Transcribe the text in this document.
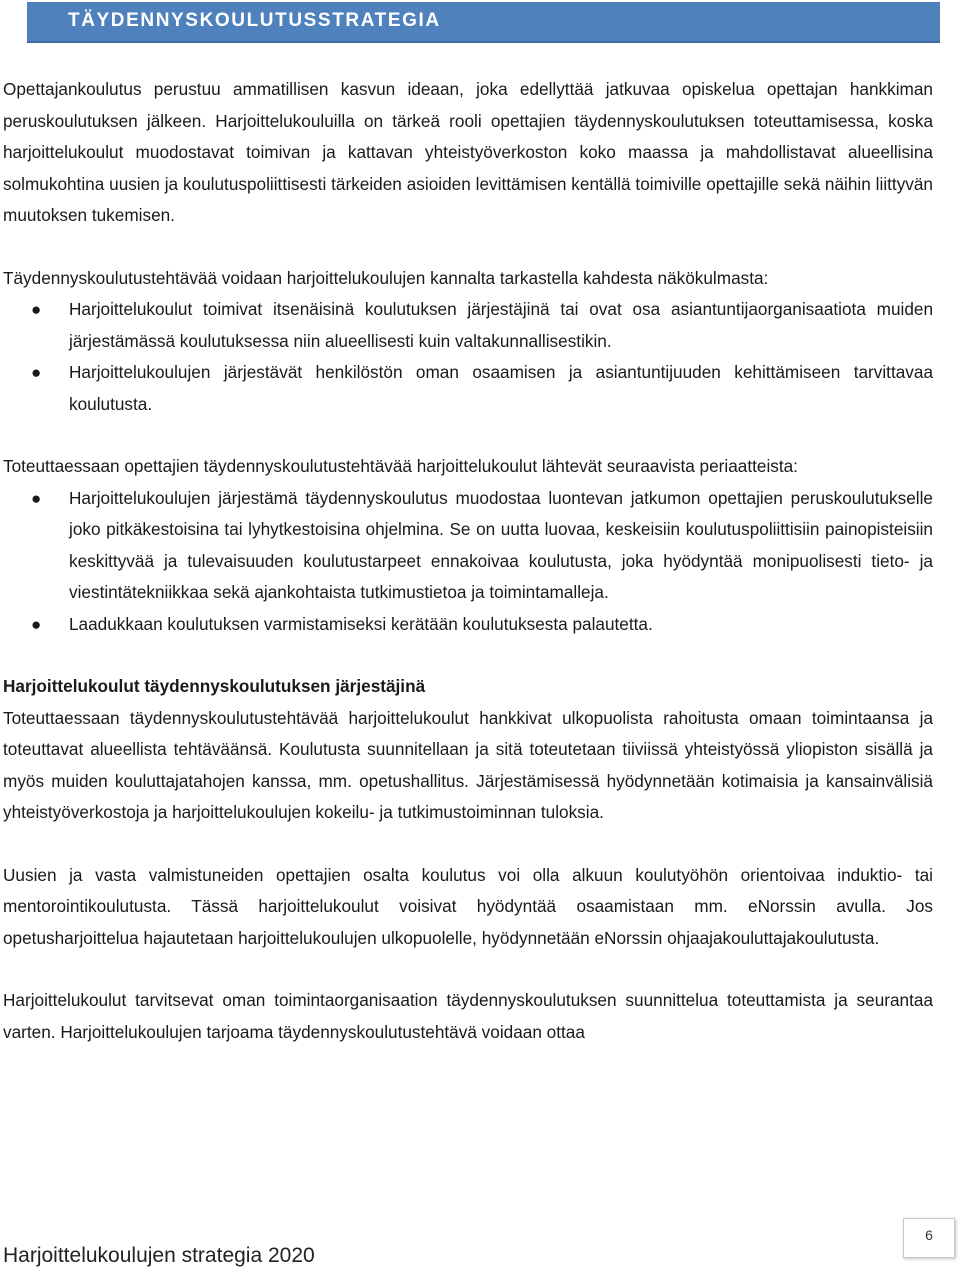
TÄYDENNYSKOULUTUSSTRATEGIA

Opettajankoulutus perustuu ammatillisen kasvun ideaan, joka edellyttää jatkuvaa opiskelua opettajan hankkiman peruskoulutuksen jälkeen. Harjoittelukouluilla on tärkeä rooli opettajien täydennyskoulutuksen toteuttamisessa, koska harjoittelukoulut muodostavat toimivan ja kattavan yhteistyöverkoston koko maassa ja mahdollistavat alueellisina solmukohtina uusien ja koulutuspoliittisesti tärkeiden asioiden levittämisen kentällä toimiville opettajille sekä näihin liittyvän muutoksen tukemisen.

Täydennyskoulutustehtävää voidaan harjoittelukoulujen kannalta tarkastella kahdesta näkökulmasta:

● Harjoittelukoulut toimivat itsenäisinä koulutuksen järjestäjinä tai ovat osa asiantuntijaorganisaatiota muiden järjestämässä koulutuksessa niin alueellisesti kuin valtakunnallisestikin.
● Harjoittelukoulujen järjestävät henkilöstön oman osaamisen ja asiantuntijuuden kehittämiseen tarvittavaa koulutusta.

Toteuttaessaan opettajien täydennyskoulutustehtävää harjoittelukoulut lähtevät seuraavista periaatteista:

● Harjoittelukoulujen järjestämä täydennyskoulutus muodostaa luontevan jatkumon opettajien peruskoulutukselle joko pitkäkestoisina tai lyhytkestoisina ohjelmina. Se on uutta luovaa, keskeisiin koulutuspoliittisiin painopisteisiin keskittyvää ja tulevaisuuden koulutustarpeet ennakoivaa koulutusta, joka hyödyntää monipuolisesti tieto- ja viestintätekniikkaa sekä ajankohtaista tutkimustietoa ja toimintamalleja.
● Laadukkaan koulutuksen varmistamiseksi kerätään koulutuksesta palautetta.

Harjoittelukoulut täydennyskoulutuksen järjestäjinä

Toteuttaessaan täydennyskoulutustehtävää harjoittelukoulut hankkivat ulkopuolista rahoitusta omaan toimintaansa ja toteuttavat alueellista tehtäväänsä. Koulutusta suunnitellaan ja sitä toteutetaan tiiviissä yhteistyössä yliopiston sisällä ja myös muiden kouluttajatahojen kanssa, mm. opetushallitus. Järjestämisessä hyödynnetään kotimaisia ja kansainvälisiä yhteistyöverkostoja ja harjoittelukoulujen kokeilu- ja tutkimustoiminnan tuloksia.

Uusien ja vasta valmistuneiden opettajien osalta koulutus voi olla alkuun koulutyöhön orientoivaa induktio- tai mentorointikoulutusta. Tässä harjoittelukoulut voisivat hyödyntää osaamistaan mm. eNorssin avulla. Jos opetusharjoittelua hajautetaan harjoittelukoulujen ulkopuolelle, hyödynnetään eNorssin ohjaajakouluttajakoulutusta.

Harjoittelukoulut tarvitsevat oman toimintaorganisaation täydennyskoulutuksen suunnittelua toteuttamista ja seurantaa varten. Harjoittelukoulujen tarjoama täydennyskoulutustehtävä voidaan ottaa

6
Harjoittelukoulujen strategia 2020
